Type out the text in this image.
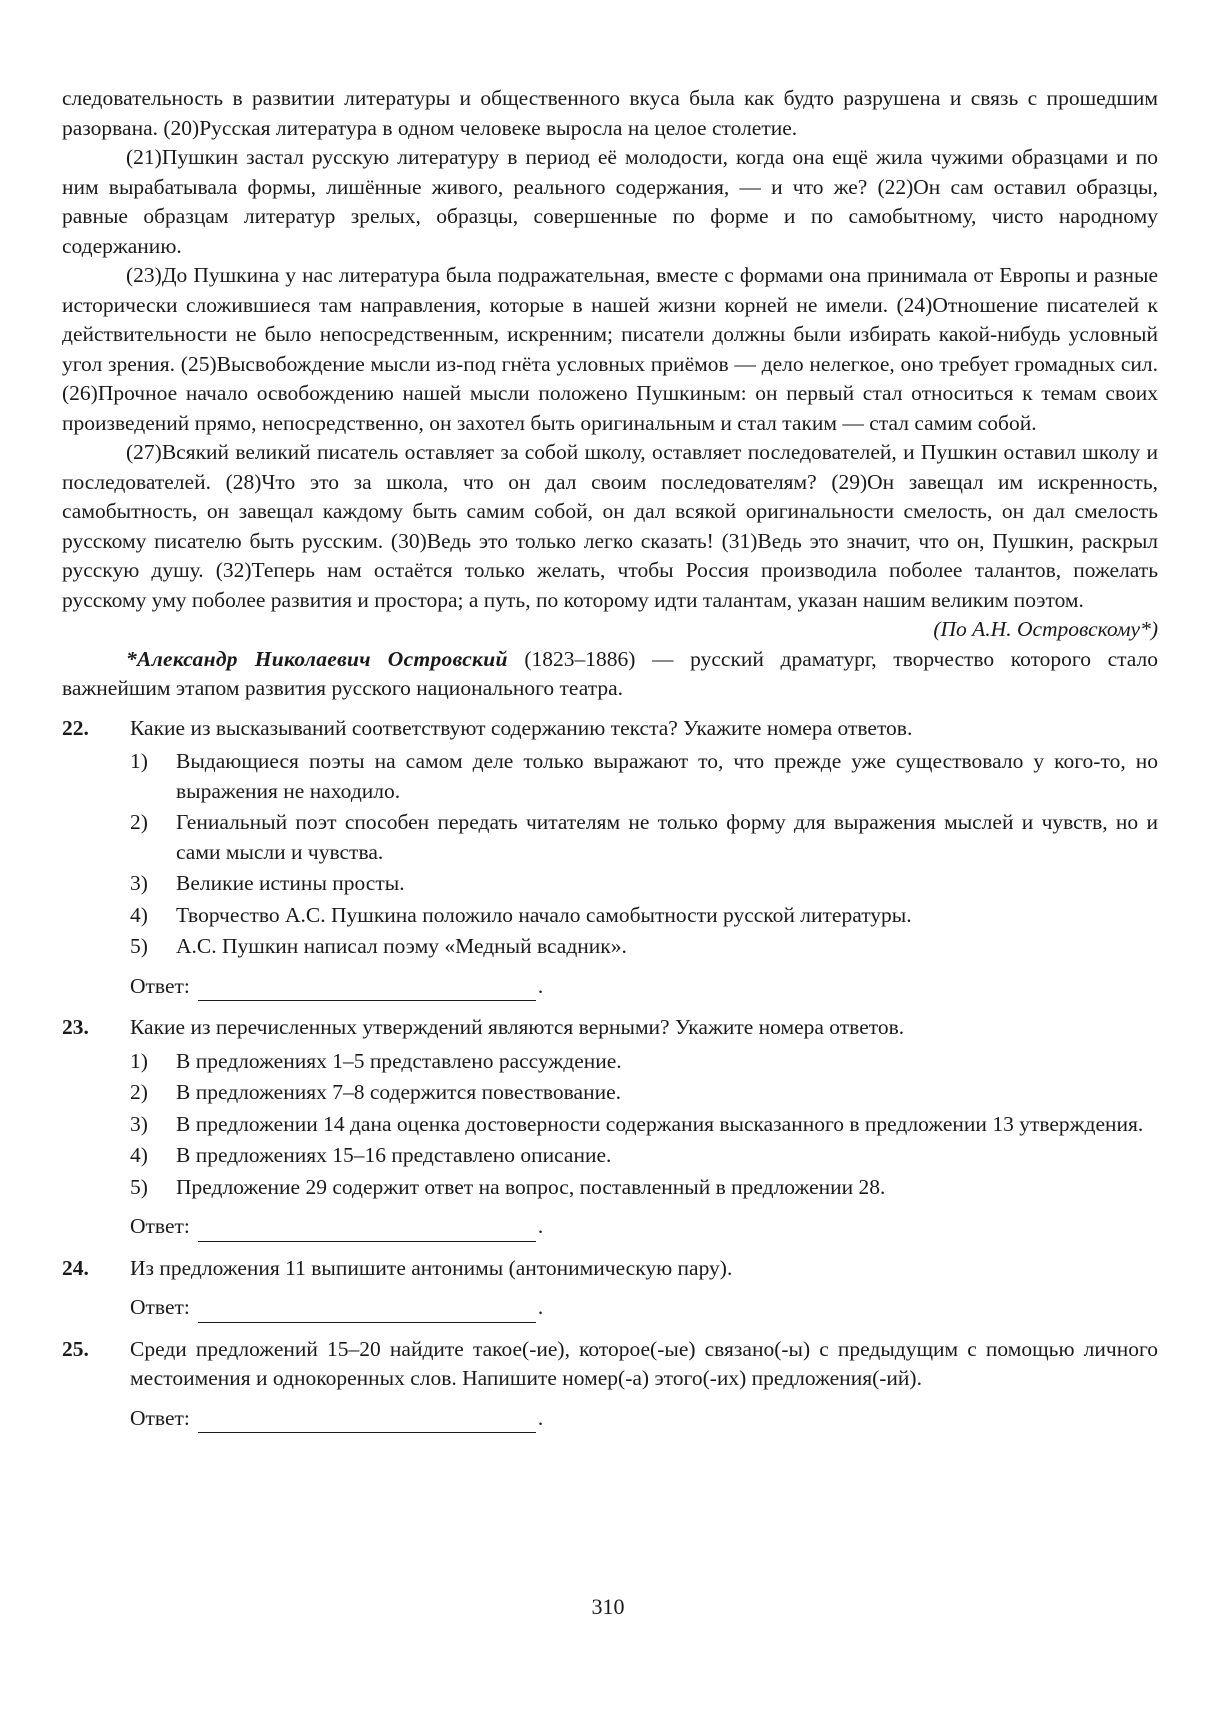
следовательность в развитии литературы и общественного вкуса была как будто разрушена и связь с прошедшим разорвана. (20)Русская литература в одном человеке выросла на целое столетие.

(21)Пушкин застал русскую литературу в период её молодости, когда она ещё жила чужими образцами и по ним вырабатывала формы, лишённые живого, реального содержания, — и что же? (22)Он сам оставил образцы, равные образцам литератур зрелых, образцы, совершенные по форме и по самобытному, чисто народному содержанию.

(23)До Пушкина у нас литература была подражательная, вместе с формами она принимала от Европы и разные исторически сложившиеся там направления, которые в нашей жизни корней не имели. (24)Отношение писателей к действительности не было непосредственным, искренним; писатели должны были избирать какой-нибудь условный угол зрения. (25)Высвобождение мысли из-под гнёта условных приёмов — дело нелегкое, оно требует громадных сил. (26)Прочное начало освобождению нашей мысли положено Пушкиным: он первый стал относиться к темам своих произведений прямо, непосредственно, он захотел быть оригинальным и стал таким — стал самим собой.

(27)Всякий великий писатель оставляет за собой школу, оставляет последователей, и Пушкин оставил школу и последователей. (28)Что это за школа, что он дал своим последователям? (29)Он завещал им искренность, самобытность, он завещал каждому быть самим собой, он дал всякой оригинальности смелость, он дал смелость русскому писателю быть русским. (30)Ведь это только легко сказать! (31)Ведь это значит, что он, Пушкин, раскрыл русскую душу. (32)Теперь нам остаётся только желать, чтобы Россия производила поболее талантов, пожелать русскому уму поболее развития и простора; а путь, по которому идти талантам, указан нашим великим поэтом.

(По А.Н. Островскому*)

*Александр Николаевич Островский (1823–1886) — русский драматург, творчество которого стало важнейшим этапом развития русского национального театра.

22. Какие из высказываний соответствуют содержанию текста? Укажите номера ответов.

1) Выдающиеся поэты на самом деле только выражают то, что прежде уже существовало у кого-то, но выражения не находило.
2) Гениальный поэт способен передать читателям не только форму для выражения мыслей и чувств, но и сами мысли и чувства.
3) Великие истины просты.
4) Творчество А.С. Пушкина положило начало самобытности русской литературы.
5) А.С. Пушкин написал поэму «Медный всадник».
Ответ:	.
23. Какие из перечисленных утверждений являются верными? Укажите номера ответов.

1) В предложениях 1–5 представлено рассуждение.
2) В предложениях 7–8 содержится повествование.
3) В предложении 14 дана оценка достоверности содержания высказанного в предложении 13 утверждения.
4) В предложениях 15–16 представлено описание.
5) Предложение 29 содержит ответ на вопрос, поставленный в предложении 28.
Ответ:	.
24. Из предложения 11 выпишите антонимы (антонимическую пару).

Ответ:	.
25. Среди предложений 15–20 найдите такое(-ие), которое(-ые) связано(-ы) с предыдущим с помощью личного местоимения и однокоренных слов. Напишите номер(-а) этого(-их) предложения(-ий).

Ответ:	.
310
